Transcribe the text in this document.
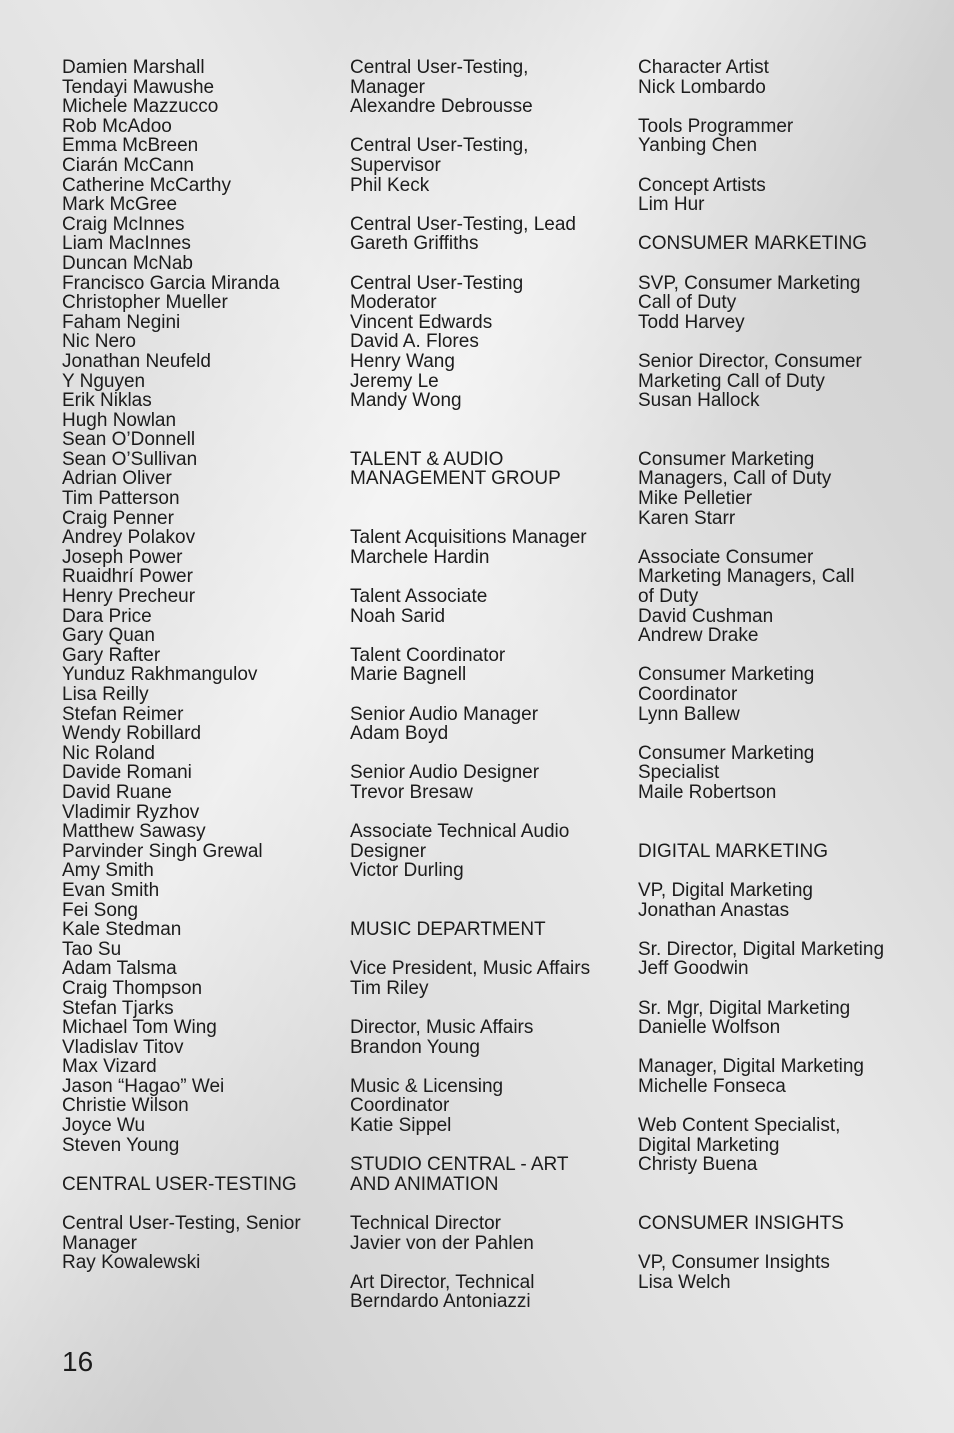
Damien Marshall
Tendayi Mawushe
Michele Mazzucco
Rob McAdoo
Emma McBreen
Ciarán McCann
Catherine McCarthy
Mark McGree
Craig McInnes
Liam MacInnes
Duncan McNab
Francisco Garcia Miranda
Christopher Mueller
Faham Negini
Nic Nero
Jonathan Neufeld
Y Nguyen
Erik Niklas
Hugh Nowlan
Sean O’Donnell
Sean O’Sullivan
Adrian Oliver
Tim Patterson
Craig Penner
Andrey Polakov
Joseph Power
Ruaidhrí Power
Henry Precheur
Dara Price
Gary Quan
Gary Rafter
Yunduz Rakhmangulov
Lisa Reilly
Stefan Reimer
Wendy Robillard
Nic Roland
Davide Romani
David Ruane
Vladimir Ryzhov
Matthew Sawasy
Parvinder Singh Grewal
Amy Smith
Evan Smith
Fei Song
Kale Stedman
Tao Su
Adam Talsma
Craig Thompson
Stefan Tjarks
Michael Tom Wing
Vladislav Titov
Max Vizard
Jason “Hagao” Wei
Christie Wilson
Joyce Wu
Steven Young
CENTRAL USER-TESTING
Central User-Testing, Senior
Manager
Ray Kowalewski
Central User-Testing,
Manager
Alexandre Debrousse
Central User-Testing,
Supervisor
Phil Keck
Central User-Testing, Lead
Gareth Griffiths
Central User-Testing
Moderator
Vincent Edwards
David A. Flores
Henry Wang
Jeremy Le
Mandy Wong
TALENT & AUDIO
MANAGEMENT GROUP
Talent Acquisitions Manager
Marchele Hardin
Talent Associate
Noah Sarid
Talent Coordinator
Marie Bagnell
Senior Audio Manager
Adam Boyd
Senior Audio Designer
Trevor Bresaw
Associate Technical Audio
Designer
Victor Durling
MUSIC DEPARTMENT
Vice President, Music Affairs
Tim Riley
Director, Music Affairs
Brandon Young
Music & Licensing
Coordinator
Katie Sippel
STUDIO CENTRAL - ART
AND ANIMATION
Technical Director
Javier von der Pahlen
Art Director, Technical
Berndardo Antoniazzi
Character Artist
Nick Lombardo
Tools Programmer
Yanbing Chen
Concept Artists
Lim Hur
CONSUMER MARKETING
SVP, Consumer Marketing
Call of Duty
Todd Harvey
Senior Director, Consumer
Marketing Call of Duty
Susan Hallock
Consumer Marketing
Managers, Call of Duty
Mike Pelletier
Karen Starr
Associate Consumer
Marketing Managers, Call
of Duty
David Cushman
Andrew Drake
Consumer Marketing
Coordinator
Lynn Ballew
Consumer Marketing
Specialist
Maile Robertson
DIGITAL MARKETING
VP, Digital Marketing
Jonathan Anastas
Sr. Director, Digital Marketing
Jeff Goodwin
Sr. Mgr, Digital Marketing
Danielle Wolfson
Manager, Digital Marketing
Michelle Fonseca
Web Content Specialist,
Digital Marketing
Christy Buena
CONSUMER INSIGHTS
VP, Consumer Insights
Lisa Welch
16
